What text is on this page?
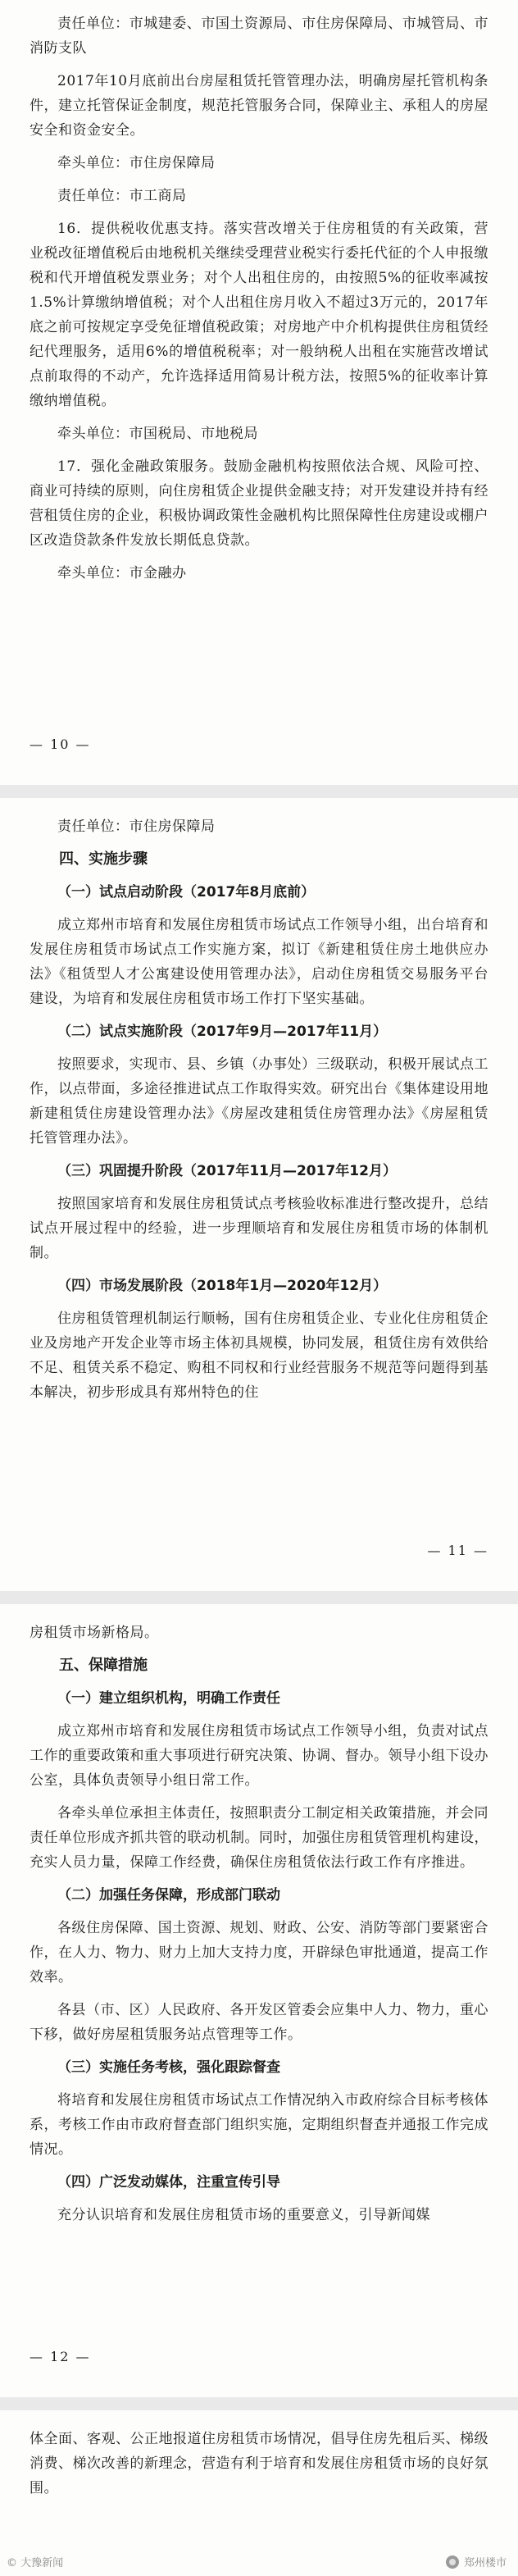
责任单位：市城建委、市国土资源局、市住房保障局、市城管局、市消防支队

2017年10月底前出台房屋租赁托管管理办法，明确房屋托管机构条件，建立托管保证金制度，规范托管服务合同，保障业主、承租人的房屋安全和资金安全。

牵头单位：市住房保障局

责任单位：市工商局

16．提供税收优惠支持。落实营改增关于住房租赁的有关政策，营业税改征增值税后由地税机关继续受理营业税实行委托代征的个人申报缴税和代开增值税发票业务；对个人出租住房的，由按照5%的征收率减按1.5%计算缴纳增值税；对个人出租住房月收入不超过3万元的，2017年底之前可按规定享受免征增值税政策；对房地产中介机构提供住房租赁经纪代理服务，适用6%的增值税税率；对一般纳税人出租在实施营改增试点前取得的不动产，允许选择适用简易计税方法，按照5%的征收率计算缴纳增值税。

牵头单位：市国税局、市地税局

17．强化金融政策服务。鼓励金融机构按照依法合规、风险可控、商业可持续的原则，向住房租赁企业提供金融支持；对开发建设并持有经营租赁住房的企业，积极协调政策性金融机构比照保障性住房建设或棚户区改造贷款条件发放长期低息贷款。

牵头单位：市金融办

— 10 —

责任单位：市住房保障局

四、实施步骤
（一）试点启动阶段（2017年8月底前）

成立郑州市培育和发展住房租赁市场试点工作领导小组，出台培育和发展住房租赁市场试点工作实施方案，拟订《新建租赁住房土地供应办法》《租赁型人才公寓建设使用管理办法》，启动住房租赁交易服务平台建设，为培育和发展住房租赁市场工作打下坚实基础。

（二）试点实施阶段（2017年9月—2017年11月）

按照要求，实现市、县、乡镇（办事处）三级联动，积极开展试点工作，以点带面，多途径推进试点工作取得实效。研究出台《集体建设用地新建租赁住房建设管理办法》《房屋改建租赁住房管理办法》《房屋租赁托管管理办法》。

（三）巩固提升阶段（2017年11月—2017年12月）

按照国家培育和发展住房租赁试点考核验收标准进行整改提升，总结试点开展过程中的经验，进一步理顺培育和发展住房租赁市场的体制机制。

（四）市场发展阶段（2018年1月—2020年12月）

住房租赁管理机制运行顺畅，国有住房租赁企业、专业化住房租赁企业及房地产开发企业等市场主体初具规模，协同发展，租赁住房有效供给不足、租赁关系不稳定、购租不同权和行业经营服务不规范等问题得到基本解决，初步形成具有郑州特色的住

— 11 —

房租赁市场新格局。

五、保障措施
（一）建立组织机构，明确工作责任

成立郑州市培育和发展住房租赁市场试点工作领导小组，负责对试点工作的重要政策和重大事项进行研究决策、协调、督办。领导小组下设办公室，具体负责领导小组日常工作。

各牵头单位承担主体责任，按照职责分工制定相关政策措施，并会同责任单位形成齐抓共管的联动机制。同时，加强住房租赁管理机构建设，充实人员力量，保障工作经费，确保住房租赁依法行政工作有序推进。

（二）加强任务保障，形成部门联动

各级住房保障、国土资源、规划、财政、公安、消防等部门要紧密合作，在人力、物力、财力上加大支持力度，开辟绿色审批通道，提高工作效率。

各县（市、区）人民政府、各开发区管委会应集中人力、物力，重心下移，做好房屋租赁服务站点管理等工作。

（三）实施任务考核，强化跟踪督查

将培育和发展住房租赁市场试点工作情况纳入市政府综合目标考核体系，考核工作由市政府督查部门组织实施，定期组织督查并通报工作完成情况。

（四）广泛发动媒体，注重宣传引导

充分认识培育和发展住房租赁市场的重要意义，引导新闻媒

— 12 —

体全面、客观、公正地报道住房租赁市场情况，倡导住房先租后买、梯级消费、梯次改善的新理念，营造有利于培育和发展住房租赁市场的良好氛围。

© 大豫新闻	郑州楼市
